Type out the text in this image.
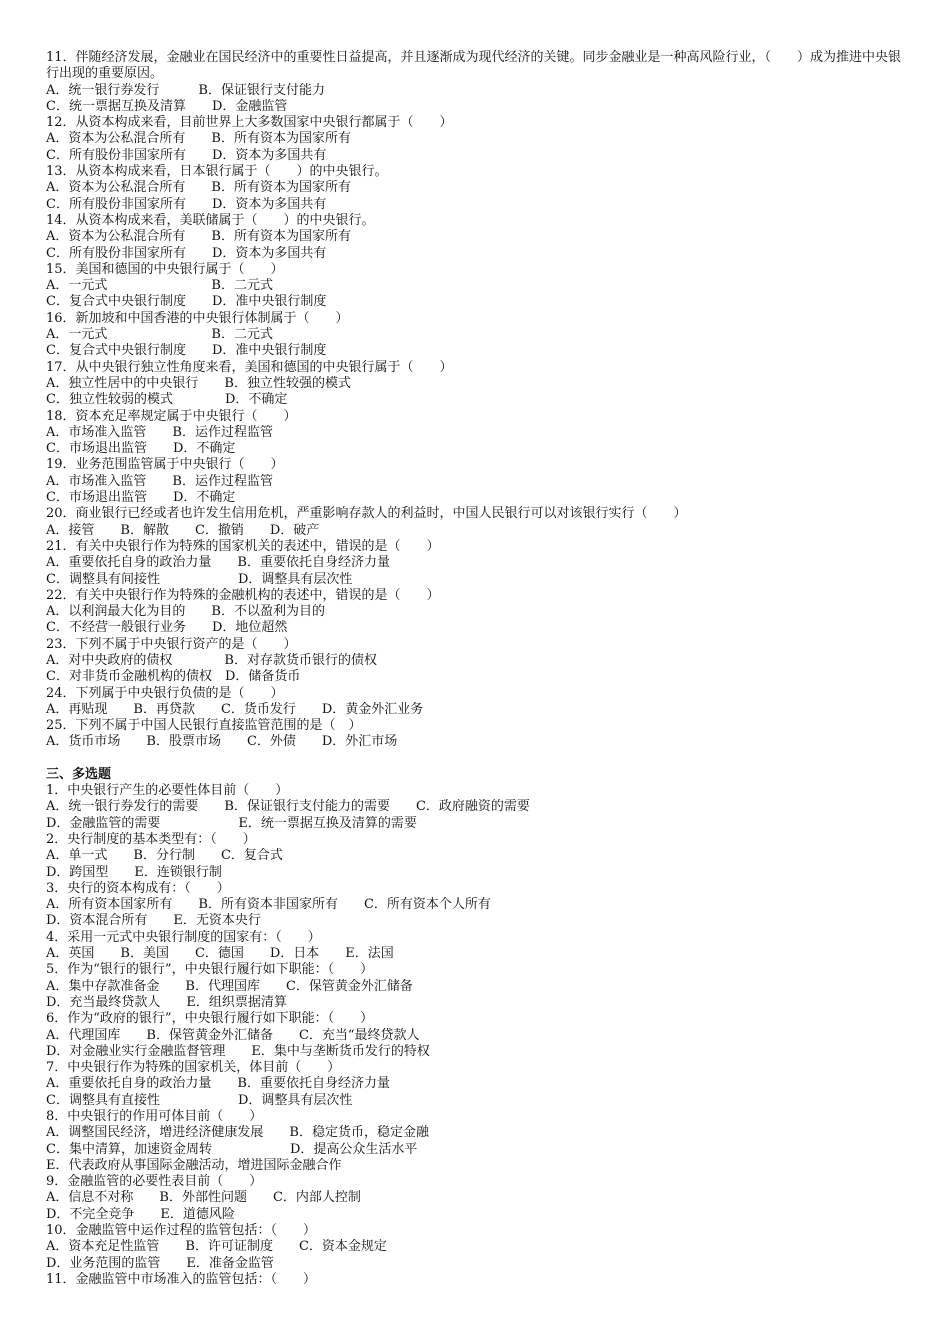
11．伴随经济发展，金融业在国民经济中的重要性日益提高，并且逐渐成为现代经济的关键。同步金融业是一种高风险行业，（　　）成为推进中央银行出现的重要原因。
A．统一银行券发行　　　B．保证银行支付能力
C．统一票据互换及清算　　D．金融监管
12．从资本构成来看，目前世界上大多数国家中央银行都属于（　　）
A．资本为公私混合所有　　B．所有资本为国家所有
C．所有股份非国家所有　　D．资本为多国共有
13．从资本构成来看，日本银行属于（　　）的中央银行。
A．资本为公私混合所有　　B．所有资本为国家所有
C．所有股份非国家所有　　D．资本为多国共有
14．从资本构成来看，美联储属于（　　）的中央银行。
A．资本为公私混合所有　　B．所有资本为国家所有
C．所有股份非国家所有　　D．资本为多国共有
15．美国和德国的中央银行属于（　　）
A．一元式　　　　　　　　B．二元式
C．复合式中央银行制度　　D．准中央银行制度
16．新加坡和中国香港的中央银行体制属于（　　）
A．一元式　　　　　　　　B．二元式
C．复合式中央银行制度　　D．准中央银行制度
17．从中央银行独立性角度来看，美国和德国的中央银行属于（　　）
A．独立性居中的中央银行　　B．独立性较强的模式
C．独立性较弱的模式　　　　D．不确定
18．资本充足率规定属于中央银行（　　）
A．市场准入监管　　B．运作过程监管
C．市场退出监管　　D．不确定
19．业务范围监管属于中央银行（　　）
A．市场准入监管　　B．运作过程监管
C．市场退出监管　　D．不确定
20．商业银行已经或者也许发生信用危机，严重影响存款人的利益时，中国人民银行可以对该银行实行（　　）
A．接管　　B．解散　　C．撤销　　D．破产
21．有关中央银行作为特殊的国家机关的表述中，错误的是（　　）
A．重要依托自身的政治力量　　B．重要依托自身经济力量
C．调整具有间接性　　　　　　D．调整具有层次性
22．有关中央银行作为特殊的金融机构的表述中，错误的是（　　）
A．以利润最大化为目的　　B．不以盈利为目的
C．不经营一般银行业务　　D．地位超然
23．下列不属于中央银行资产的是（　　）
A．对中央政府的债权　　　　B．对存款货币银行的债权
C．对非货币金融机构的债权　D．储备货币
24．下列属于中央银行负债的是（　　）
A．再贴现　　B．再贷款　　C．货币发行　　D．黄金外汇业务
25．下列不属于中国人民银行直接监管范围的是（　）
A．货币市场　　B．股票市场　　C．外债　　D．外汇市场
三、多选题
1．中央银行产生的必要性体目前（　　）
A．统一银行券发行的需要　　B．保证银行支付能力的需要　　C．政府融资的需要
D．金融监管的需要　　　　　　E．统一票据互换及清算的需要
2．央行制度的基本类型有：（　　）
A．单一式　　B．分行制　　C．复合式
D．跨国型　　E．连锁银行制
3．央行的资本构成有：（　　）
A．所有资本国家所有　　B．所有资本非国家所有　　C．所有资本个人所有
D．资本混合所有　　E．无资本央行
4．采用一元式中央银行制度的国家有：（　　）
A．英国　　B．美国　　C．德国　　D．日本　　E．法国
5．作为“银行的银行”，中央银行履行如下职能：（　　）
A．集中存款准备金　　B．代理国库　　C．保管黄金外汇储备
D．充当最终贷款人　　E．组织票据清算
6．作为“政府的银行”，中央银行履行如下职能：（　　）
A．代理国库　　B．保管黄金外汇储备　　C．充当“最终贷款人
D．对金融业实行金融监督管理　　E．集中与垄断货币发行的特权
7．中央银行作为特殊的国家机关，体目前（　　）
A．重要依托自身的政治力量　　B．重要依托自身经济力量
C．调整具有直接性　　　　　　D．调整具有层次性
8．中央银行的作用可体目前（　　）
A．调整国民经济，增进经济健康发展　　B．稳定货币，稳定金融
C．集中清算，加速资金周转　　　　　　D．提高公众生活水平
E．代表政府从事国际金融活动，增进国际金融合作
9．金融监管的必要性表目前（　　）
A．信息不对称　　B．外部性问题　　C．内部人控制
D．不完全竞争　　E．道德风险
10．金融监管中运作过程的监管包括：（　　）
A．资本充足性监管　　B．许可证制度　　C．资本金规定
D．业务范围的监管　　E．准备金监管
11．金融监管中市场准入的监管包括：（　　）
